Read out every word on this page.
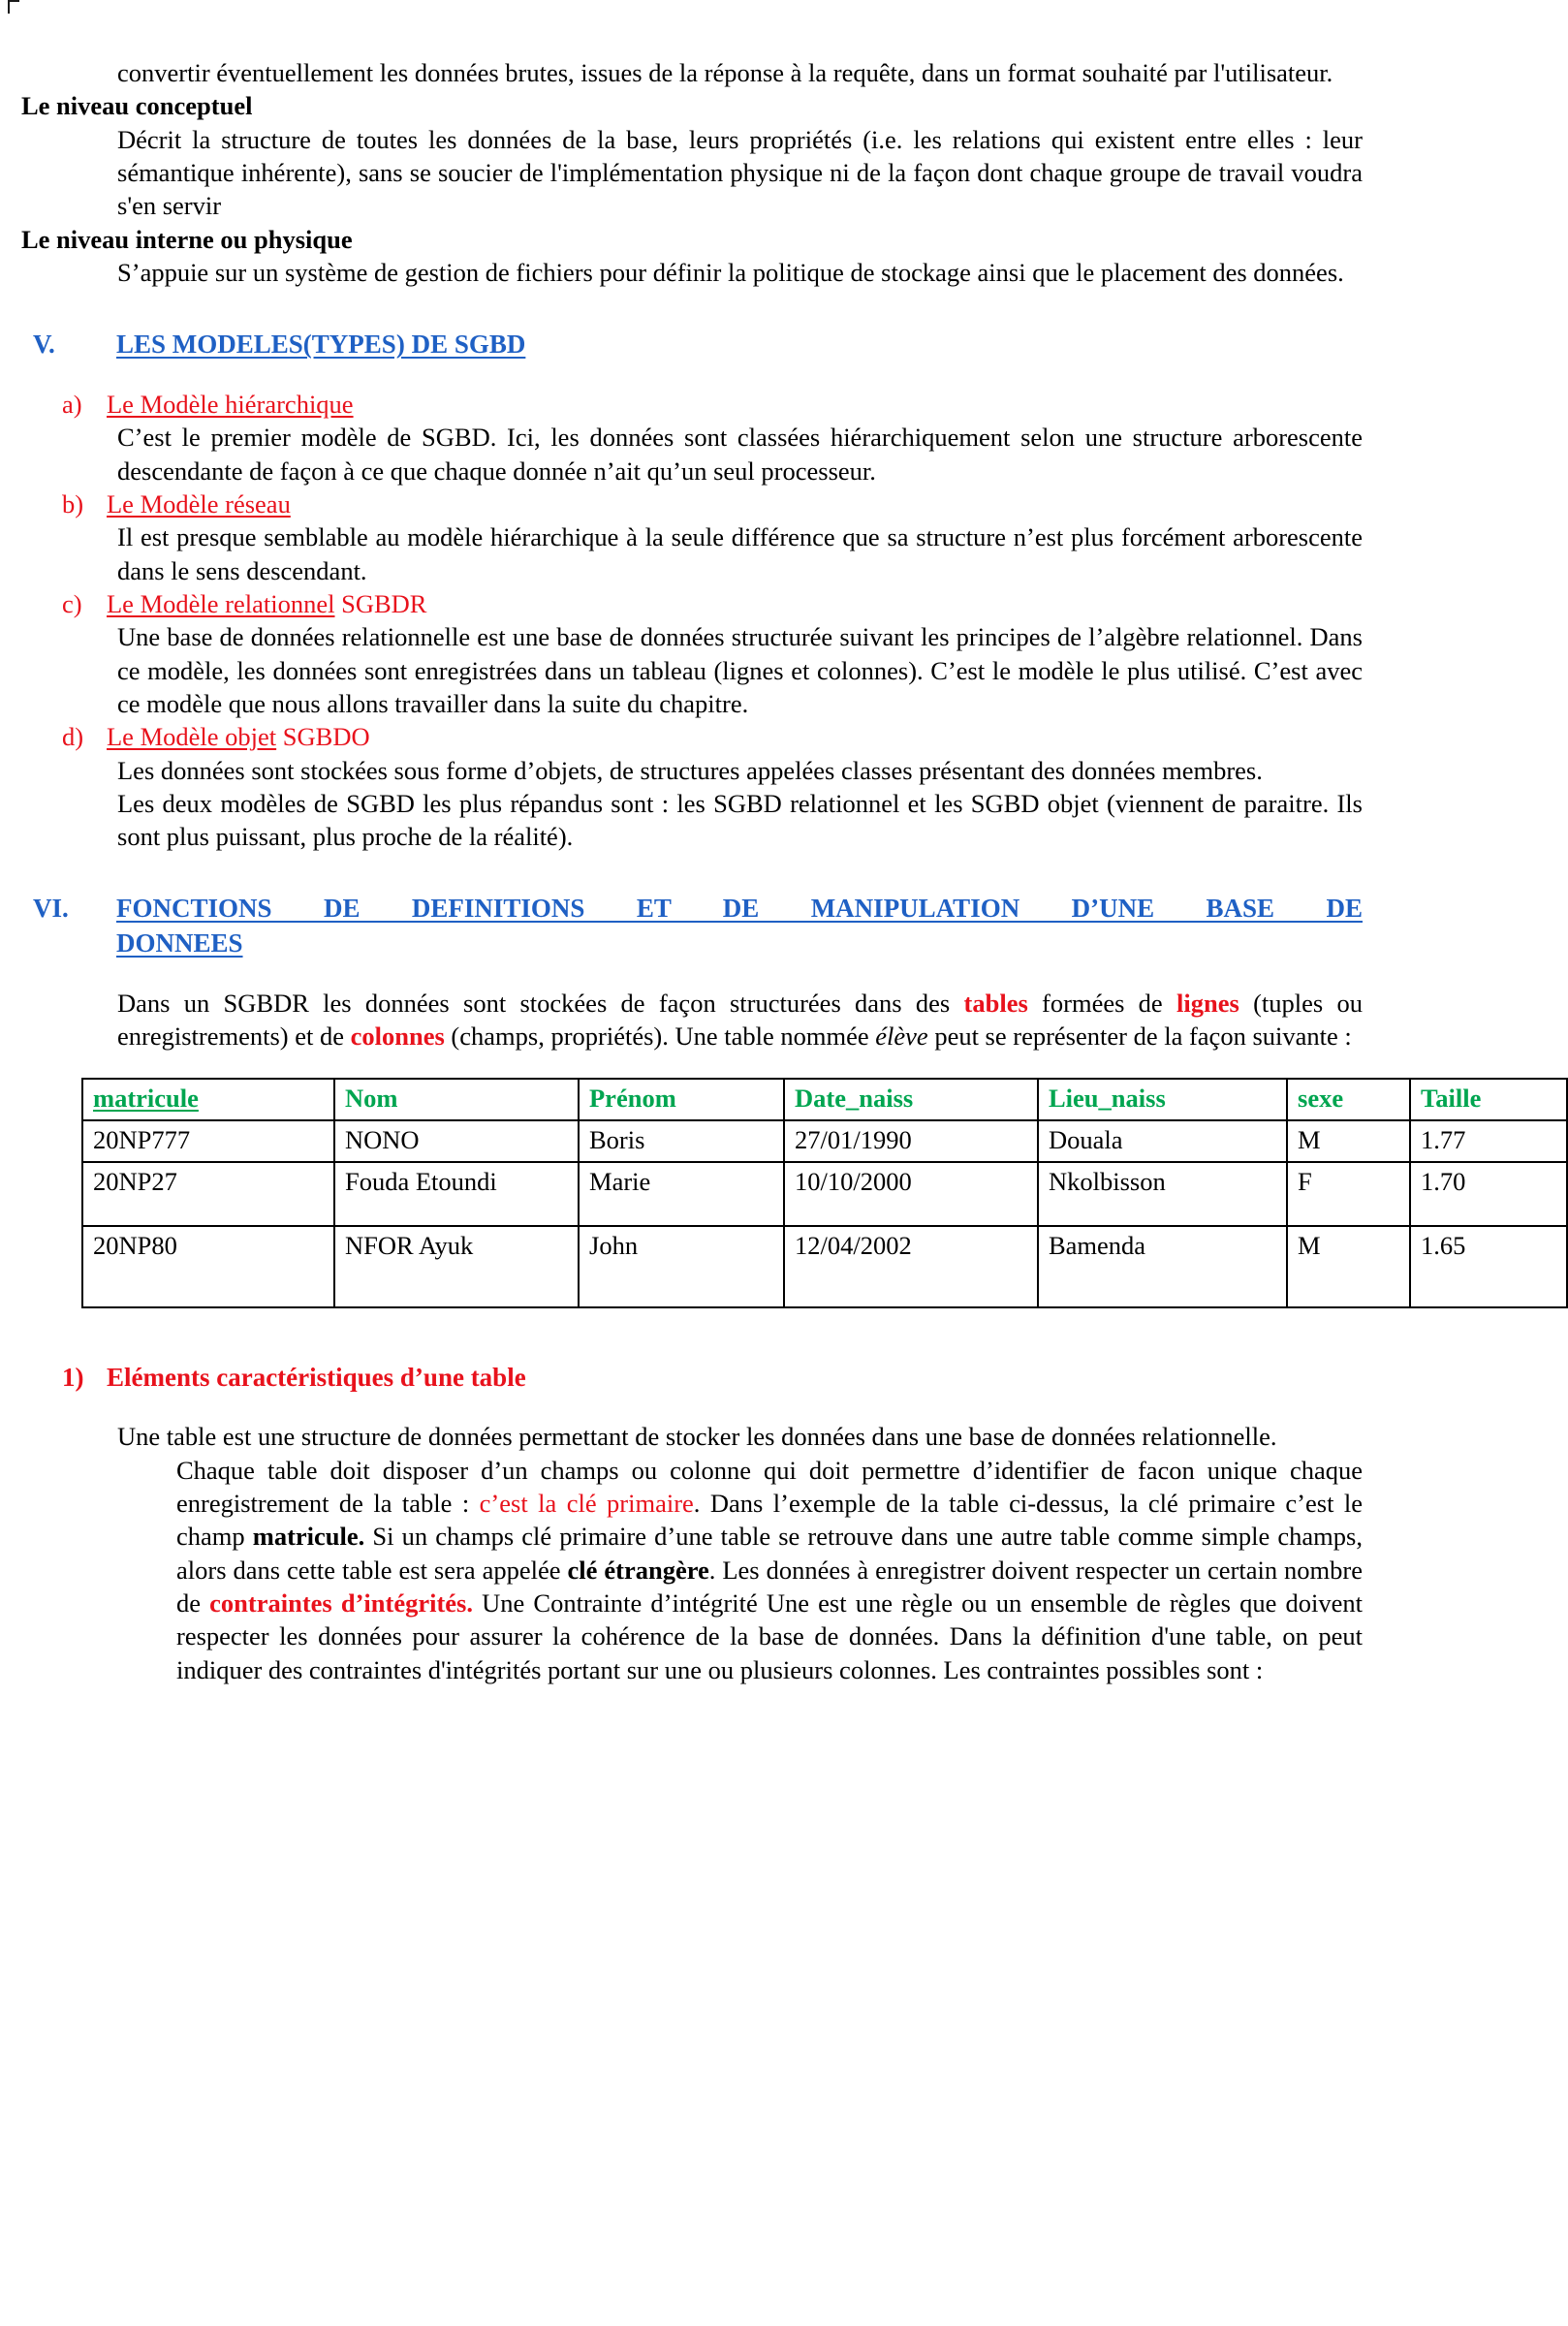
convertir éventuellement les données brutes, issues de la réponse à la requête, dans un format souhaité par l'utilisateur.

Le niveau conceptuel

Décrit la structure de toutes les données de la base, leurs propriétés (i.e. les relations qui existent entre elles : leur sémantique inhérente), sans se soucier de l'implémentation physique ni de la façon dont chaque groupe de travail voudra s'en servir

Le niveau interne ou physique

S’appuie sur un système de gestion de fichiers pour définir la politique de stockage ainsi que le placement des données.

V.	LES MODELES(TYPES) DE SGBD
a) Le Modèle hiérarchique

C’est le premier modèle de SGBD. Ici, les données sont classées hiérarchiquement selon une structure arborescente descendante de façon à ce que chaque donnée n’ait qu’un seul processeur.

b) Le Modèle réseau

Il est presque semblable au modèle hiérarchique à la seule différence que sa structure n’est plus forcément arborescente dans le sens descendant.

c) Le Modèle relationnel SGBDR

Une base de données relationnelle est une base de données structurée suivant les principes de l’algèbre relationnel. Dans ce modèle, les données sont enregistrées dans un tableau (lignes et colonnes). C’est le modèle le plus utilisé. C’est avec ce modèle que nous allons travailler dans la suite du chapitre.

d) Le Modèle objet SGBDO

Les données sont stockées sous forme d’objets, de structures appelées classes présentant des données membres.

Les deux modèles de SGBD les plus répandus sont : les SGBD relationnel et les SGBD objet (viennent de paraitre. Ils sont plus puissant, plus proche de la réalité).

VI.	FONCTIONS DE DEFINITIONS ET DE MANIPULATION D’UNE BASE DE
DONNEES

Dans un SGBDR les données sont stockées de façon structurées dans des tables formées de lignes (tuples ou enregistrements) et de colonnes (champs, propriétés). Une table nommée élève peut se représenter de la façon suivante :

matricule	Nom	Prénom	Date_naiss	Lieu_naiss	sexe	Taille
20NP777	NONO	Boris	27/01/1990	Douala	M	1.77
20NP27	Fouda Etoundi	Marie	10/10/2000	Nkolbisson	F	1.70
20NP80	NFOR Ayuk	John	12/04/2002	Bamenda	M	1.65
1) Eléments caractéristiques d’une table

Une table est une structure de données permettant de stocker les données dans une base de données relationnelle.

Chaque table doit disposer d’un champs ou colonne qui doit permettre d’identifier de facon unique chaque enregistrement de la table : c’est la clé primaire. Dans l’exemple de la table ci-dessus, la clé primaire c’est le champ matricule. Si un champs clé primaire d’une table se retrouve dans une autre table comme simple champs, alors dans cette table est sera appelée clé étrangère. Les données à enregistrer doivent respecter un certain nombre de contraintes d’intégrités. Une Contrainte d’intégrité Une est une règle ou un ensemble de règles que doivent respecter les données pour assurer la cohérence de la base de données. Dans la définition d'une table, on peut indiquer des contraintes d'intégrités portant sur une ou plusieurs colonnes. Les contraintes possibles sont :
